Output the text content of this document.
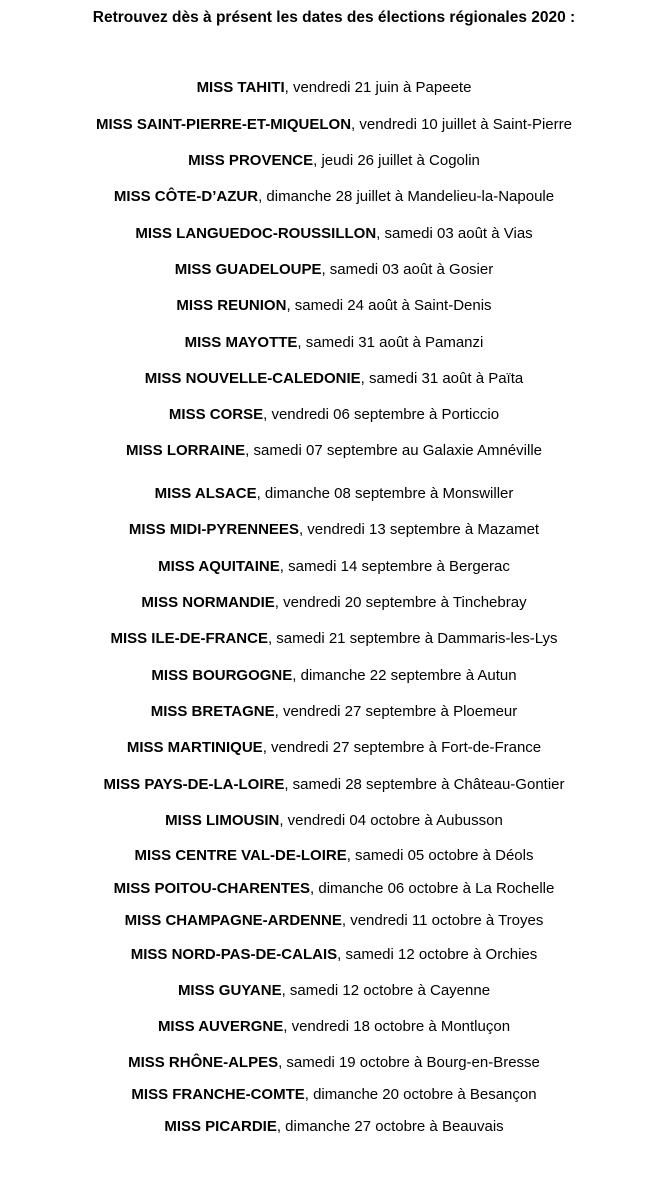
Retrouvez dès à présent les dates des élections régionales 2020 :
MISS TAHITI, vendredi 21 juin à Papeete
MISS SAINT-PIERRE-ET-MIQUELON, vendredi 10 juillet à Saint-Pierre
MISS PROVENCE, jeudi 26 juillet à Cogolin
MISS CÔTE-D’AZUR, dimanche 28 juillet à Mandelieu-la-Napoule
MISS LANGUEDOC-ROUSSILLON, samedi 03 août à Vias
MISS GUADELOUPE, samedi 03 août à Gosier
MISS REUNION, samedi 24 août à Saint-Denis
MISS MAYOTTE, samedi 31 août à Pamanzi
MISS NOUVELLE-CALEDONIE, samedi 31 août à Païta
MISS CORSE, vendredi 06 septembre à Porticcio
MISS LORRAINE, samedi 07 septembre au Galaxie Amnéville
MISS ALSACE, dimanche 08 septembre à Monswiller
MISS MIDI-PYRENNEES, vendredi 13 septembre à Mazamet
MISS AQUITAINE, samedi 14 septembre à Bergerac
MISS NORMANDIE, vendredi 20 septembre à Tinchebray
MISS ILE-DE-FRANCE, samedi 21 septembre à Dammaris-les-Lys
MISS BOURGOGNE, dimanche 22 septembre à Autun
MISS BRETAGNE, vendredi 27 septembre à Ploemeur
MISS MARTINIQUE, vendredi 27 septembre à Fort-de-France
MISS PAYS-DE-LA-LOIRE, samedi 28 septembre à Château-Gontier
MISS LIMOUSIN, vendredi 04 octobre à Aubusson
MISS CENTRE VAL-DE-LOIRE, samedi 05 octobre à Déols
MISS POITOU-CHARENTES, dimanche 06 octobre à La Rochelle
MISS CHAMPAGNE-ARDENNE, vendredi 11 octobre à Troyes
MISS NORD-PAS-DE-CALAIS, samedi 12 octobre à Orchies
MISS GUYANE, samedi 12 octobre à Cayenne
MISS AUVERGNE, vendredi 18 octobre à Montluçon
MISS RHÔNE-ALPES, samedi 19 octobre à Bourg-en-Bresse
MISS FRANCHE-COMTE, dimanche 20 octobre à Besançon
MISS PICARDIE, dimanche 27 octobre à Beauvais
